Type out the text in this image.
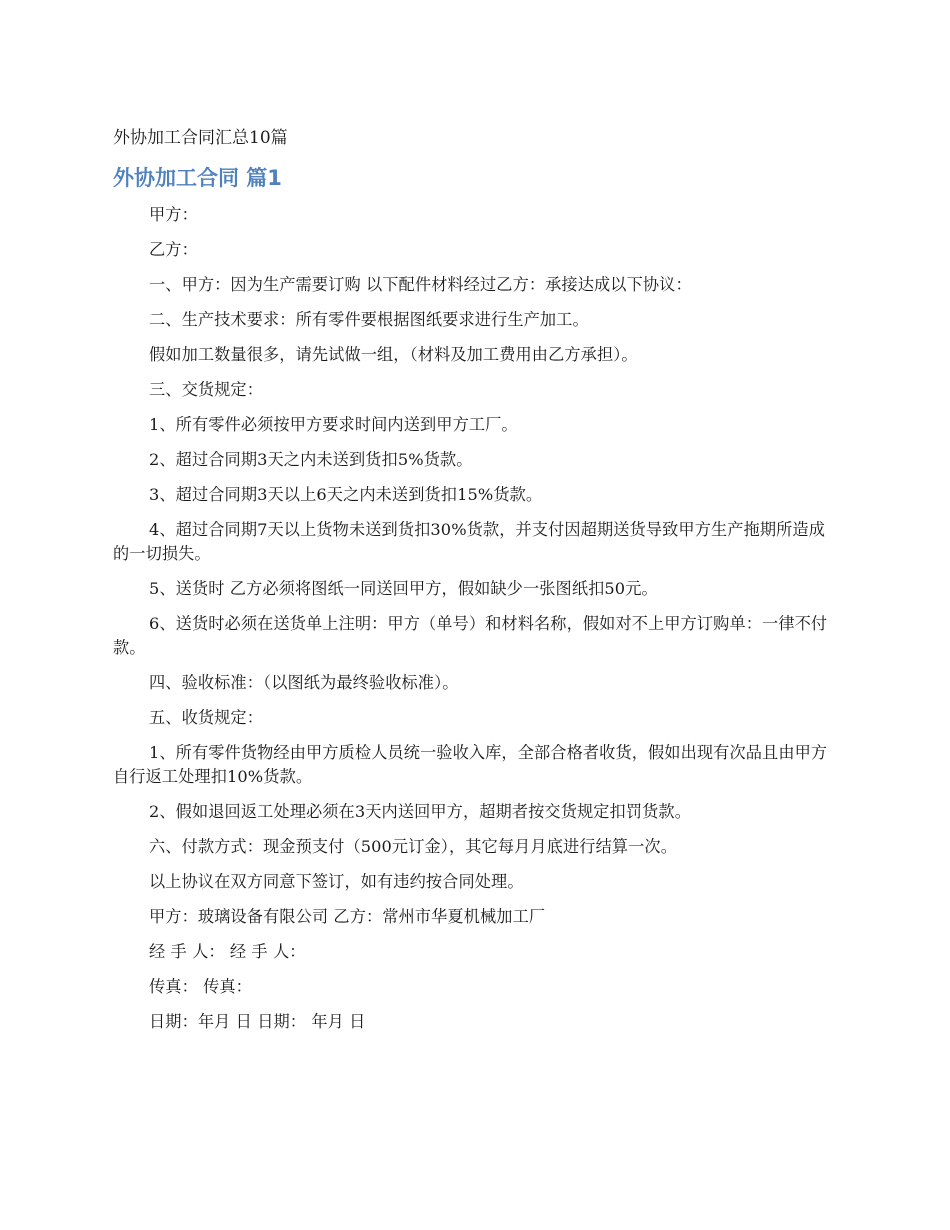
外协加工合同汇总10篇
外协加工合同 篇1

甲方：

乙方：

一、甲方：因为生产需要订购 以下配件材料经过乙方：承接达成以下协议：

二、生产技术要求：所有零件要根据图纸要求进行生产加工。

假如加工数量很多，请先试做一组，（材料及加工费用由乙方承担）。

三、交货规定：

1、所有零件必须按甲方要求时间内送到甲方工厂。

2、超过合同期3天之内未送到货扣5%货款。

3、超过合同期3天以上6天之内未送到货扣15%货款。

4、超过合同期7天以上货物未送到货扣30%货款，并支付因超期送货导致甲方生产拖期所造成的一切损失。

5、送货时 乙方必须将图纸一同送回甲方，假如缺少一张图纸扣50元。

6、送货时必须在送货单上注明：甲方（单号）和材料名称，假如对不上甲方订购单：一律不付款。

四、验收标准：（以图纸为最终验收标准）。

五、收货规定：

1、所有零件货物经由甲方质检人员统一验收入库，全部合格者收货，假如出现有次品且由甲方自行返工处理扣10%货款。

2、假如退回返工处理必须在3天内送回甲方，超期者按交货规定扣罚货款。

六、付款方式：现金预支付（500元订金），其它每月月底进行结算一次。

以上协议在双方同意下签订，如有违约按合同处理。

甲方：玻璃设备有限公司 乙方：常州市华夏机械加工厂

经 手 人： 经 手 人：

传真： 传真：

日期：年月 日 日期： 年月 日
